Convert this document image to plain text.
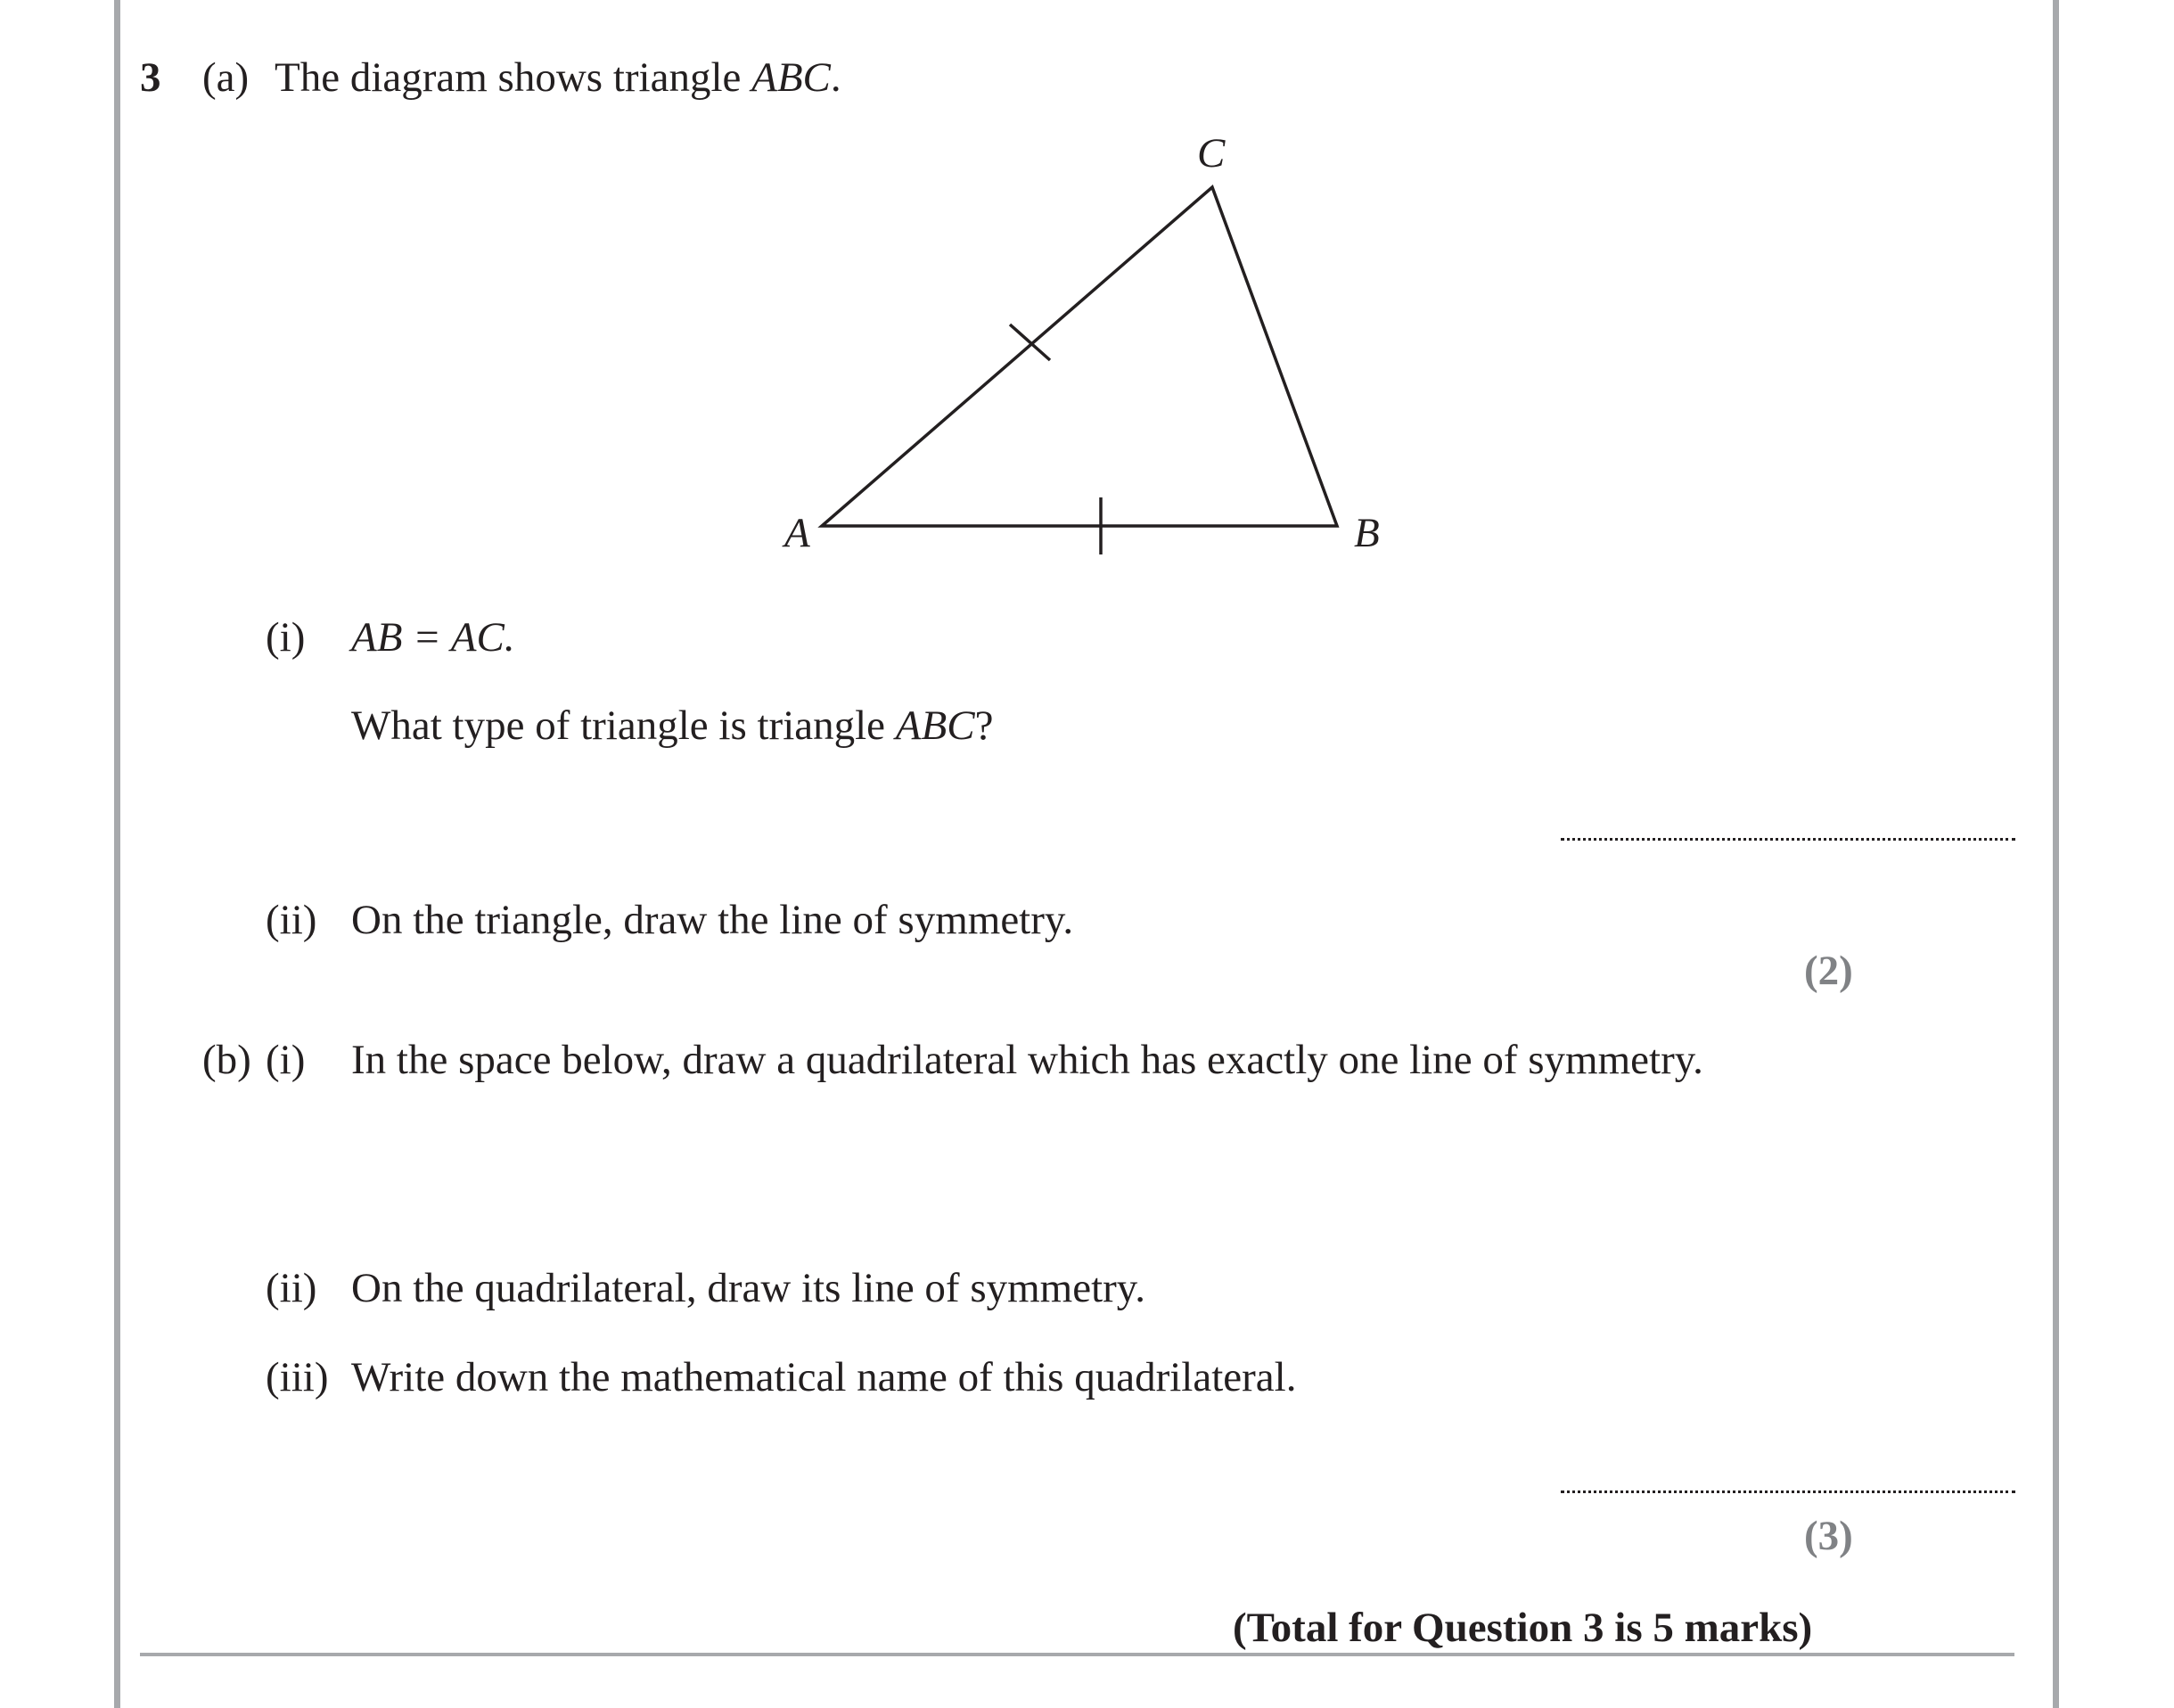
3 (a) The diagram shows triangle ABC.
C
A	B
(i) AB = AC.
What type of triangle is triangle ABC?
(ii) On the triangle, draw the line of symmetry.
(2)
(b) (i) In the space below, draw a quadrilateral which has exactly one line of symmetry.
(ii) On the quadrilateral, draw its line of symmetry.
(iii) Write down the mathematical name of this quadrilateral.
(3)
(Total for Question 3 is 5 marks)
